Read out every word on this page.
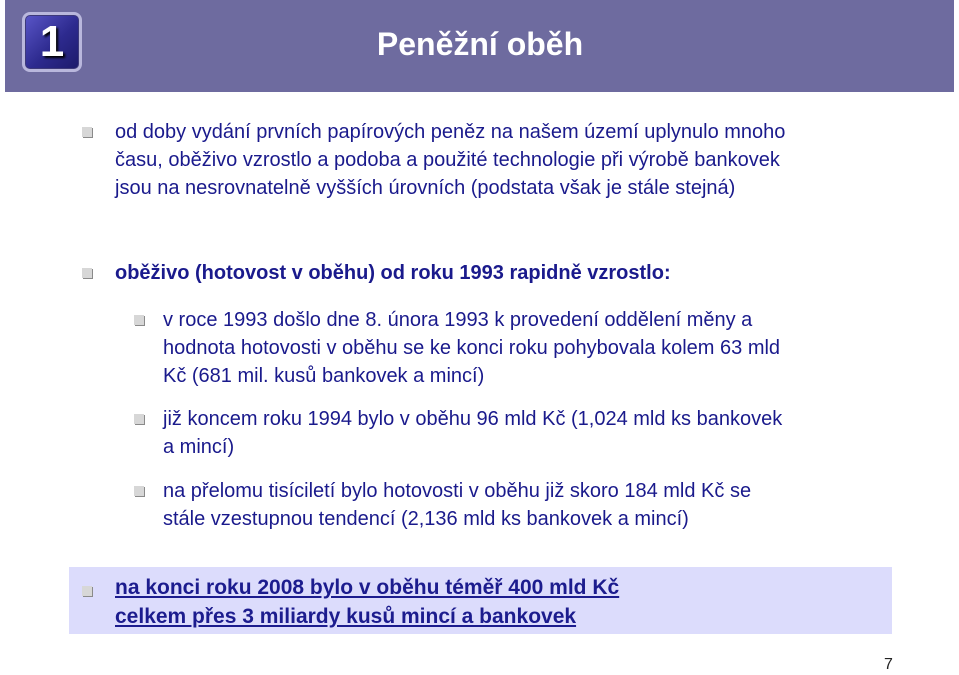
1	Peněžní oběh
od doby vydání prvních papírových peněz na našem území uplynulo mnoho
času, oběživo vzrostlo a podoba a použité technologie při výrobě bankovek
jsou na nesrovnatelně vyšších úrovních (podstata však je stále stejná)
oběživo (hotovost v oběhu) od roku 1993 rapidně vzrostlo:
v roce 1993 došlo dne 8. února 1993 k provedení oddělení měny a
hodnota hotovosti v oběhu se ke konci roku pohybovala kolem 63 mld
Kč (681 mil. kusů bankovek a mincí)
již koncem roku 1994 bylo v oběhu 96 mld Kč (1,024 mld ks bankovek
a mincí)
na přelomu tisíciletí bylo hotovosti v oběhu již skoro 184 mld Kč se
stále vzestupnou tendencí (2,136 mld ks bankovek a mincí)
na konci roku 2008 bylo v oběhu téměř 400 mld Kč
celkem přes 3 miliardy kusů mincí a bankovek
7
